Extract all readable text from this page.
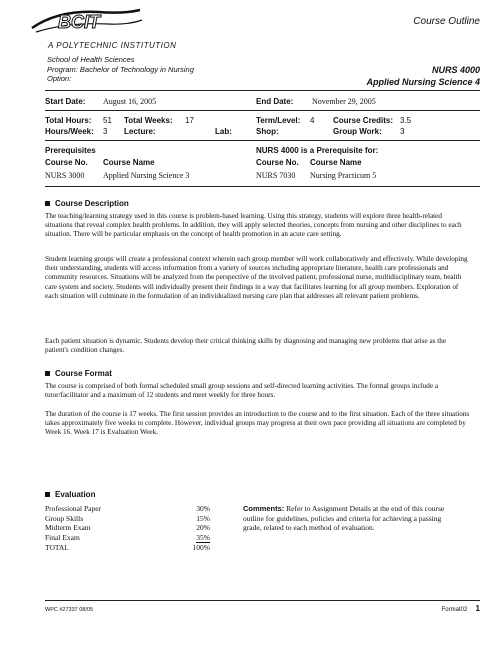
BCIT
A POLYTECHNIC INSTITUTION
Course Outline
School of Health Sciences
Program: Bachelor of Technology in Nursing
Option:
NURS 4000
Applied Nursing Science 4
Start Date: August 16, 2005	End Date: November 29, 2005
Total Hours: 51 Total Weeks: 17	Term/Level: 4 Course Credits: 3.5
Hours/Week: 3 Lecture:	Lab:	Shop:	Group Work: 3
Prerequisites	NURS 4000 is a Prerequisite for:
Course No. Course Name	Course No. Course Name
NURS 3000 Applied Nursing Science 3	NURS 7030 Nursing Practicum 5
Course Description
The teaching/learning strategy used in this course is problem-based learning. Using this strategy, students will explore three health-related situations that reveal complex health problems. In addition, they will apply selected theories, concepts from nursing and other disciplines to each situation. There will be particular emphasis on the concept of health promotion in an acute care setting.
Student learning groups will create a professional context wherein each group member will work collaboratively and effectively. While developing their understanding, students will access information from a variety of sources including appropriate literature, health care professionals and community resources. Situations will be analyzed from the perspective of the involved patient, professional nurse, multidisciplinary team, health care system and society. Students will individually present their findings in a way that facilitates learning for all group members. Exploration of each situation will culminate in the formulation of an individualized nursing care plan that addresses all relevant patient problems.
Each patient situation is dynamic. Students develop their critical thinking skills by diagnosing and managing new problems that arise as the patient's condition changes.
Course Format
The course is comprised of both formal scheduled small group sessions and self-directed learning activities. The formal groups include a tutor/facilitator and a maximum of 12 students and meet weekly for three hours.
The duration of the course is 17 weeks. The first session provides an introduction to the course and to the first situation. Each of the three situations takes approximately five weeks to complete. However, individual groups may progress at their own pace providing all situations are completed by Week 16. Week 17 is Evaluation Week.
Evaluation
Professional Paper	30%
Group Skills	15%
Midterm Exam	20%
Final Exam	35%
TOTAL	100%
Comments: Refer to Assignment Details at the end of this course outline for guidelines, policies and criteria for achieving a passing grade, related to each method of evaluation.
WPC #27337 08/05	Format02 1
